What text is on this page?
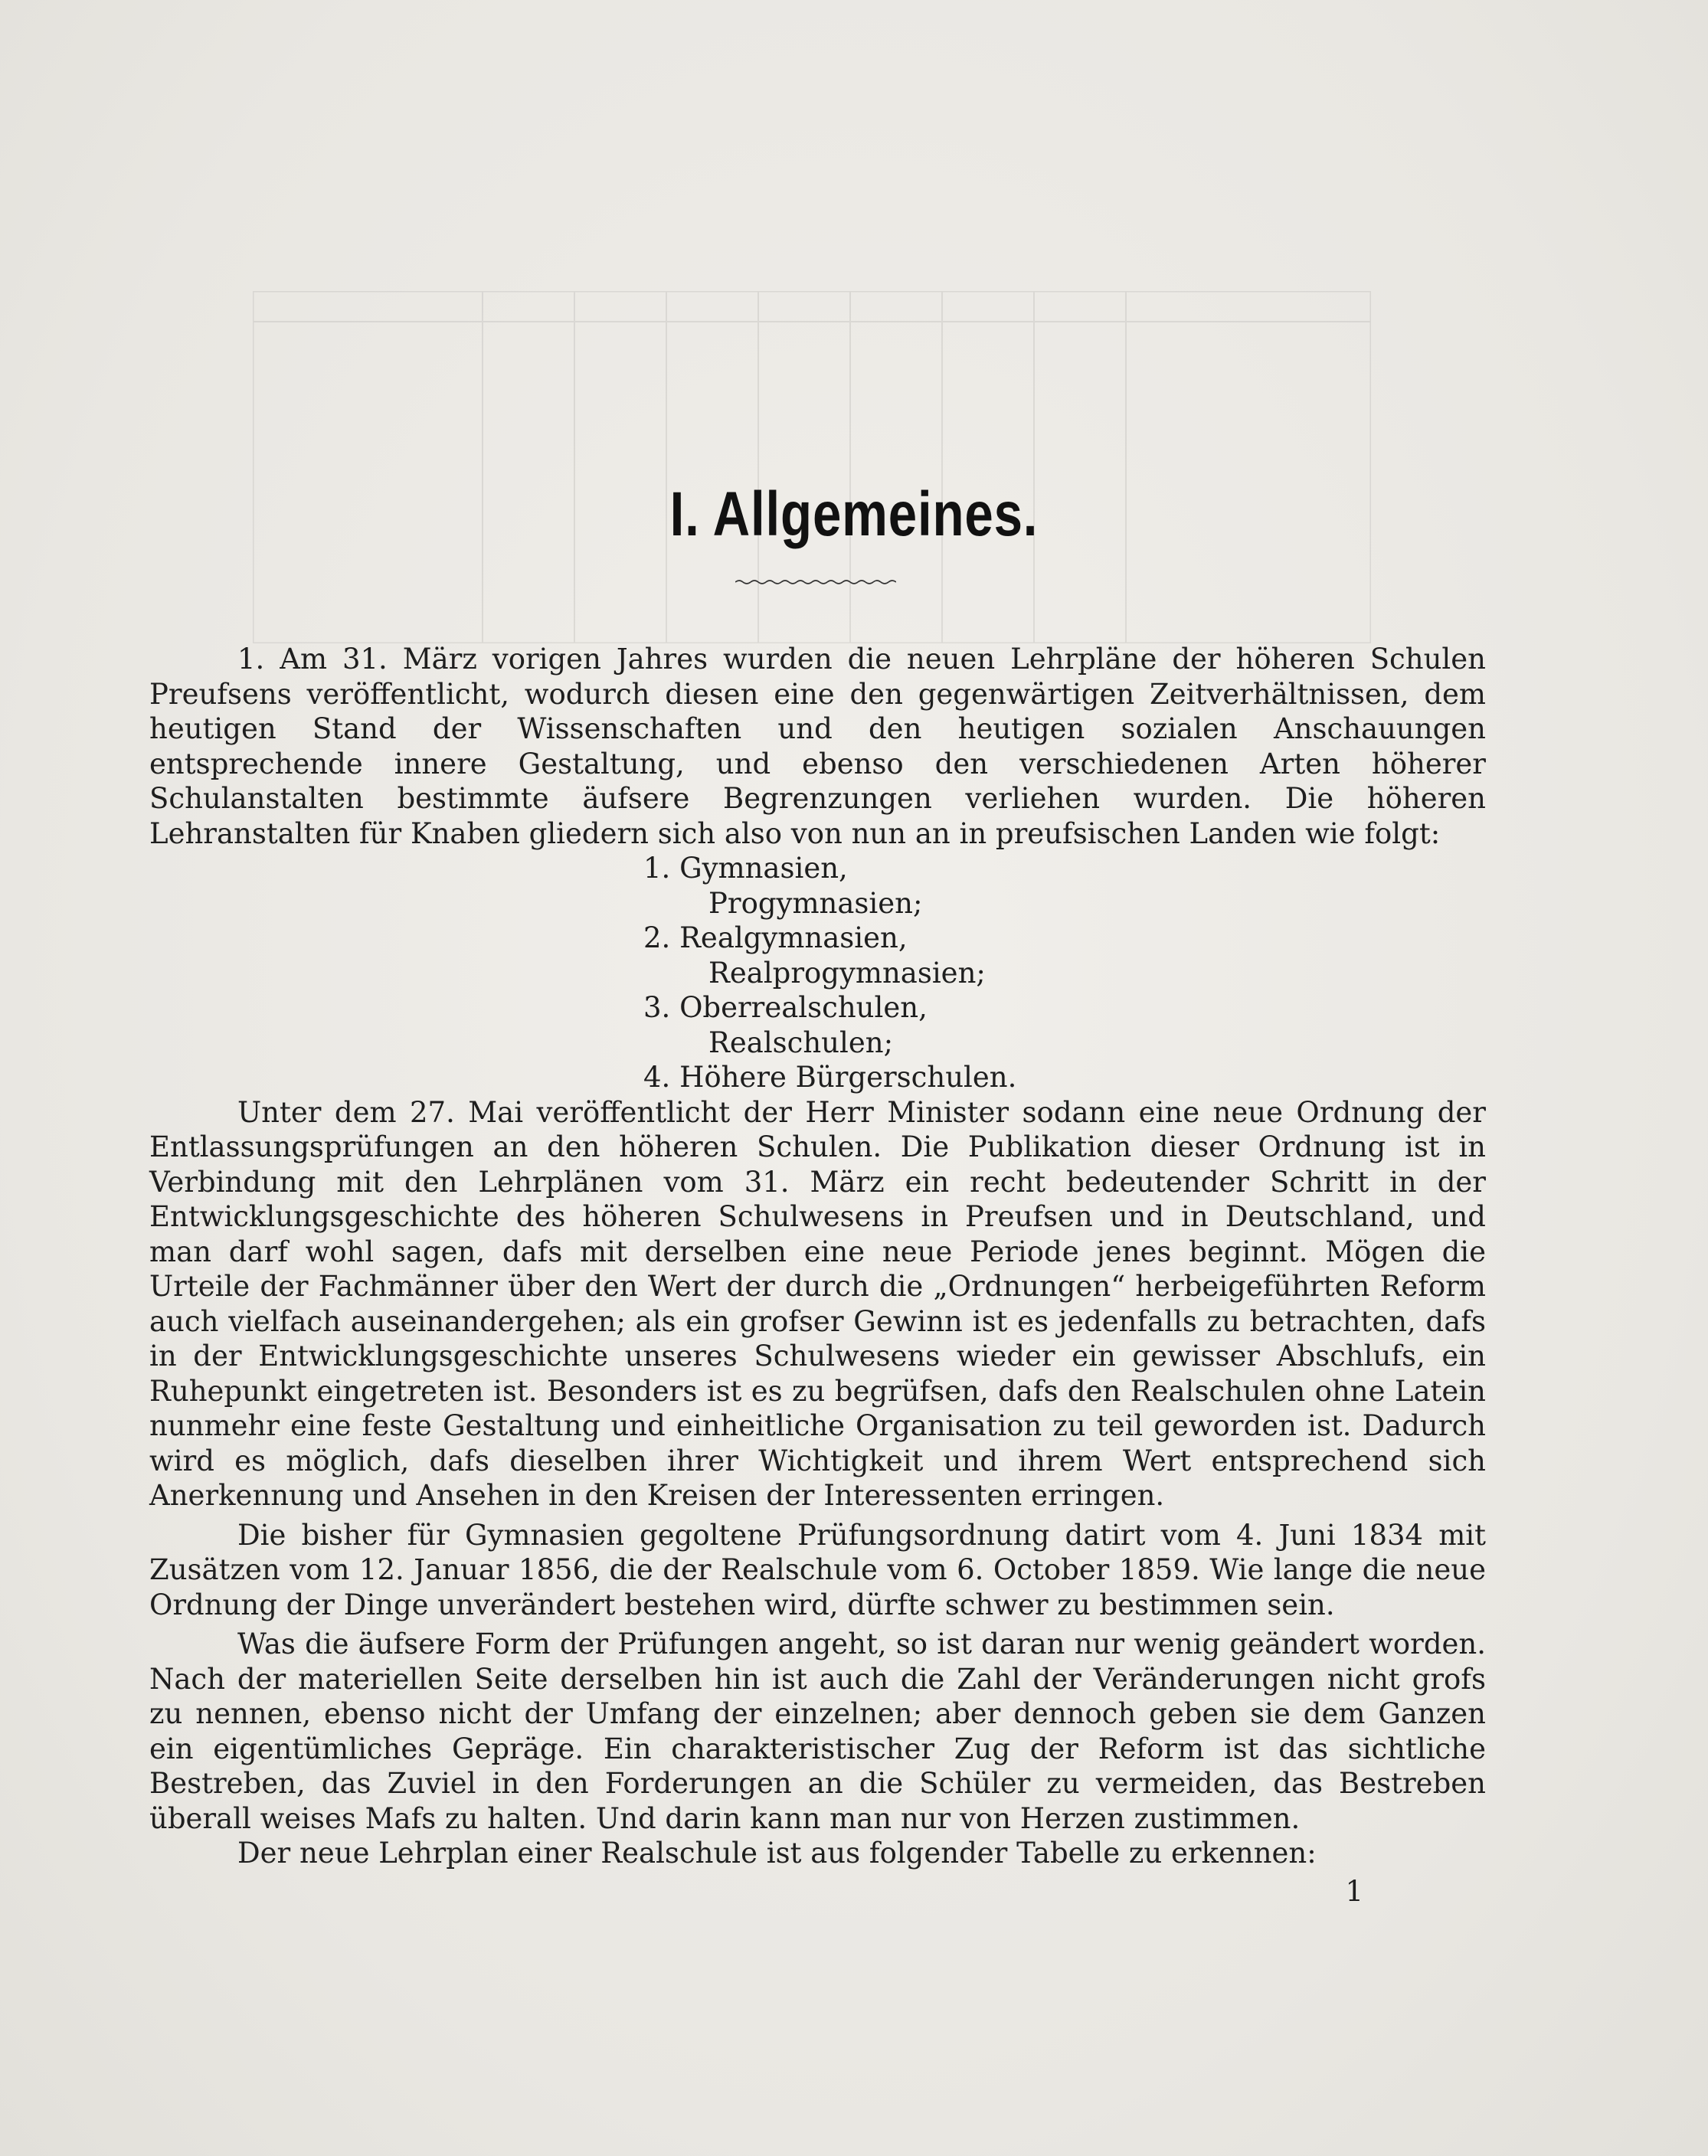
I. Allgemeines.

1. Am 31. März vorigen Jahres wurden die neuen Lehrpläne der höheren Schulen Preufsens veröffentlicht, wodurch diesen eine den gegenwärtigen Zeitverhältnissen, dem heutigen Stand der Wissenschaften und den heutigen sozialen Anschauungen entsprechende innere Gestaltung, und ebenso den verschiedenen Arten höherer Schulanstalten bestimmte äufsere Begrenzungen verliehen wurden. Die höheren Lehranstalten für Knaben gliedern sich also von nun an in preufsischen Landen wie folgt:

1. Gymnasien,
Progymnasien;
2. Realgymnasien,
Realprogymnasien;
3. Oberrealschulen,
Realschulen;
4. Höhere Bürgerschulen.

Unter dem 27. Mai veröffentlicht der Herr Minister sodann eine neue Ordnung der Entlassungsprüfungen an den höheren Schulen. Die Publikation dieser Ordnung ist in Verbindung mit den Lehrplänen vom 31. März ein recht bedeutender Schritt in der Entwicklungsgeschichte des höheren Schulwesens in Preufsen und in Deutschland, und man darf wohl sagen, dafs mit derselben eine neue Periode jenes beginnt. Mögen die Urteile der Fachmänner über den Wert der durch die „Ordnungen“ herbeigeführten Reform auch vielfach auseinandergehen; als ein grofser Gewinn ist es jedenfalls zu betrachten, dafs in der Entwicklungsgeschichte unseres Schulwesens wieder ein gewisser Abschlufs, ein Ruhepunkt eingetreten ist. Besonders ist es zu begrüfsen, dafs den Realschulen ohne Latein nunmehr eine feste Gestaltung und einheitliche Organisation zu teil geworden ist. Dadurch wird es möglich, dafs dieselben ihrer Wichtigkeit und ihrem Wert entsprechend sich Anerkennung und Ansehen in den Kreisen der Interessenten erringen.

Die bisher für Gymnasien gegoltene Prüfungsordnung datirt vom 4. Juni 1834 mit Zusätzen vom 12. Januar 1856, die der Realschule vom 6. October 1859. Wie lange die neue Ordnung der Dinge unverändert bestehen wird, dürfte schwer zu bestimmen sein.

Was die äufsere Form der Prüfungen angeht, so ist daran nur wenig geändert worden. Nach der materiellen Seite derselben hin ist auch die Zahl der Veränderungen nicht grofs zu nennen, ebenso nicht der Umfang der einzelnen; aber dennoch geben sie dem Ganzen ein eigentümliches Gepräge. Ein charakteristischer Zug der Reform ist das sichtliche Bestreben, das Zuviel in den Forderungen an die Schüler zu vermeiden, das Bestreben überall weises Mafs zu halten. Und darin kann man nur von Herzen zustimmen.

Der neue Lehrplan einer Realschule ist aus folgender Tabelle zu erkennen:

1
